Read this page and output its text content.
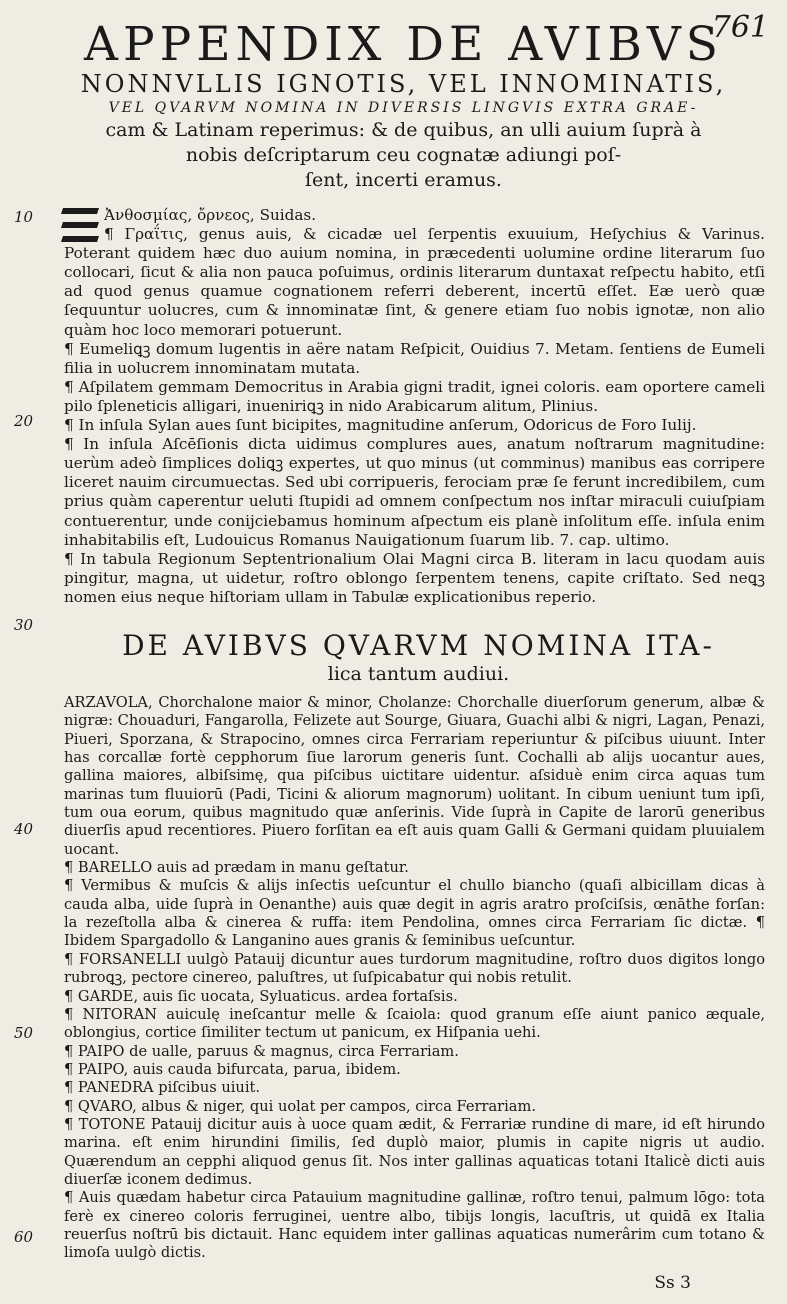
761

APPENDIX DE AVIBVS

NONNVLLIS IGNOTIS, VEL INNOMINATIS,

VEL QVARVM NOMINA IN DIVERSIS LINGVIS EXTRA GRAE-

cam & Latinam reperimus: & de quibus, an ulli auium ſuprà à

nobis deſcriptarum ceu cognatæ adiungi poſ-

ſent, incerti eramus.

10
20
30
40
50
60

Ἀνθοσμίας, ὄρνεος, Suidas.

¶ Γραΐτις, genus auis, & cicadæ uel ſerpentis exuuium, Heſychius & Varinus. Poterant quidem hæc duo auium nomina, in præcedenti uolumine ordine literarum ſuo collocari, ſicut & alia non pauca poſuimus, ordinis literarum duntaxat reſpectu habito, etſi ad quod genus quamue cognationem referri deberent, incertū eſſet. Eæ uerò quæ ſequuntur uolucres, cum & innominatæ ſint, & genere etiam ſuo nobis ignotæ, non alio quàm hoc loco memorari potuerunt.

¶ Eumeliꝗꝫ domum lugentis in aëre natam Reſpicit, Ouidius 7. Metam. ſentiens de Eumeli filia in uolucrem innominatam mutata.

¶ Aſpilatem gemmam Democritus in Arabia gigni tradit, ignei coloris. eam oportere cameli pilo ſpleneticis alligari, inueniriꝗꝫ in nido Arabicarum alitum, Plinius.

¶ In inſula Sylan aues ſunt bicipites, magnitudine anſerum, Odoricus de Foro Iulij.

¶ In inſula Aſcēſionis dicta uidimus complures aues, anatum noſtrarum magnitudine: uerùm adeò ſimplices doliꝗꝫ expertes, ut quo minus (ut comminus) manibus eas corripere liceret nauim circumuectas. Sed ubi corripueris, ferociam præ ſe ferunt incredibilem, cum prius quàm caperentur ueluti ſtupidi ad omnem conſpectum nos inſtar miraculi cuiuſpiam contuerentur, unde conijciebamus hominum aſpectum eis planè inſolitum eſſe. inſula enim inhabitabilis eſt, Ludouicus Romanus Nauigationum ſuarum lib. 7. cap. ultimo.

¶ In tabula Regionum Septentrionalium Olai Magni circa B. literam in lacu quodam auis pingitur, magna, ut uidetur, roſtro oblongo ſerpentem tenens, capite criſtato. Sed neꝗꝫ nomen eius neque hiſtoriam ullam in Tabulæ explicationibus reperio.

DE AVIBVS QVARVM NOMINA ITA-
lica tantum audiui.

ARZAVOLA, Chorchalone maior & minor, Cholanze: Chorchalle diuerſorum generum, albæ & nigræ: Chouaduri, Fangarolla, Felizete aut Sourge, Giuara, Guachi albi & nigri, Lagan, Penazi, Piueri, Sporzana, & Strapocino, omnes circa Ferrariam reperiuntur & piſcibus uiuunt. Inter has corcallæ fortè cepphorum ſiue larorum generis ſunt. Cochalli ab alijs uocantur aues, gallina maiores, albiſsimę, qua piſcibus uictitare uidentur. aſsiduè enim circa aquas tum marinas tum fluuiorū (Padi, Ticini & aliorum magnorum) uolitant. In cibum ueniunt tum ipſi, tum oua eorum, quibus magnitudo quæ anſerinis. Vide ſuprà in Capite de larorū generibus diuerſis apud recentiores. Piuero forſitan ea eſt auis quam Galli & Germani quidam pluuialem uocant.

¶ BARELLO auis ad prædam in manu geſtatur.

¶ Vermibus & muſcis & alijs inſectis ueſcuntur el chullo biancho (quaſi albicillam dicas à cauda alba, uide ſuprà in Oenanthe) auis quæ degit in agris aratro proſciſsis, œnāthe forſan: la rezeſtolla alba & cinerea & ruffa: item Pendolina, omnes circa Ferrariam ſic dictæ. ¶ Ibidem Spargadollo & Langanino aues granis & ſeminibus ueſcuntur.

¶ FORSANELLI uulgò Patauij dicuntur aues turdorum magnitudine, roſtro duos digitos longo rubroꝗꝫ, pectore cinereo, paluſtres, ut ſuſpicabatur qui nobis retulit.

¶ GARDE, auis ſic uocata, Syluaticus. ardea fortaſsis.

¶ NITORAN auiculę ineſcantur melle & ſcaiola: quod granum eſſe aiunt panico æquale, oblongius, cortice ſimiliter tectum ut panicum, ex Hiſpania uehi.

¶ PAIPO de ualle, paruus & magnus, circa Ferrariam.

¶ PAIPO, auis cauda bifurcata, parua, ibidem.

¶ PANEDRA piſcibus uiuit.

¶ QVARO, albus & niger, qui uolat per campos, circa Ferrariam.

¶ TOTONE Patauij dicitur auis à uoce quam ædit, & Ferrariæ rundine di mare, id eſt hirundo marina. eſt enim hirundini ſimilis, ſed duplò maior, plumis in capite nigris ut audio. Quærendum an cepphi aliquod genus ſit. Nos inter gallinas aquaticas totani Italicè dicti auis diuerſæ iconem dedimus.

¶ Auis quædam habetur circa Patauium magnitudine gallinæ, roſtro tenui, palmum lōgo: tota ferè ex cinereo coloris ferruginei, uentre albo, tibijs longis, lacuſtris, ut quidā ex Italia reuerſus noſtrū bis dictauit. Hanc equidem inter gallinas aquaticas numerârim cum totano & limoſa uulgò dictis.

Ss 3
